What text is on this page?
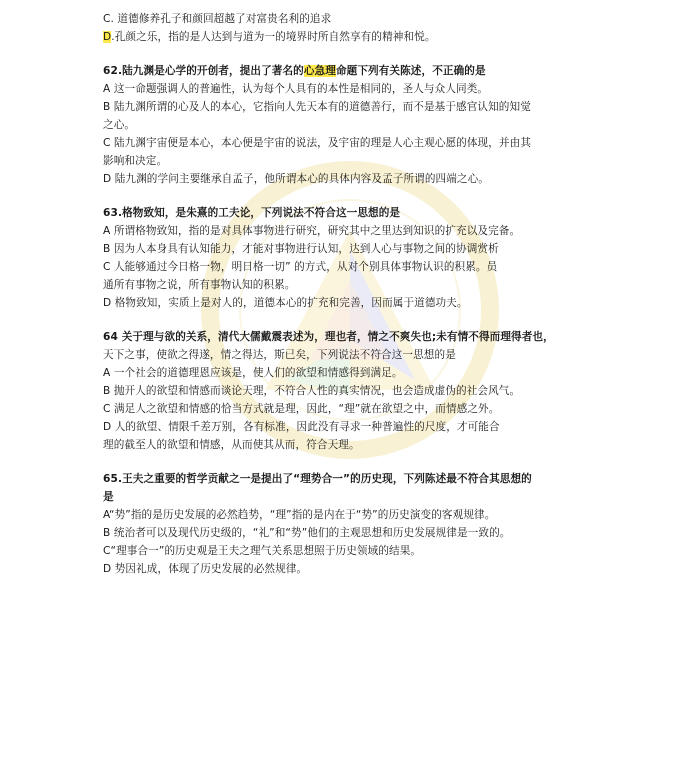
C. 道德修养孔子和颜回超越了对富贵名利的追求
D.孔颜之乐，指的是人达到与道为一的境界时所自然享有的精神和悦。
62.陆九渊是心学的开创者，提出了著名的心急理命题下列有关陈述，不正确的是
A 这一命题强调人的普遍性，认为每个人具有的本性是相同的，圣人与众人同类。
B 陆九渊所谓的心及人的本心，它指向人先天本有的道德善行，而不是基于感官认知的知觉
之心。
C 陆九渊宇宙便是本心，本心便是宇宙的说法，及宇宙的理是人心主观心愿的体现，并由其
影响和决定。
D 陆九渊的学问主要继承自孟子，他所谓本心的具体内容及孟子所谓的四端之心。
63.格物致知，是朱熹的工夫论，下列说法不符合这一思想的是
A 所谓格物致知，指的是对具体事物进行研究，研究其中之里达到知识的扩充以及完备。
B 因为人本身具有认知能力，才能对事物进行认知，达到人心与事物之间的协调赏析
C 人能够通过今日格一物，明日格一切” 的方式，从对个别具体事物认识的积累。员
通所有事物之说，所有事物认知的积累。
D 格物致知，实质上是对人的，道德本心的扩充和完善，因而属于道德功夫。
64 关于理与欲的关系，清代大儒戴震表述为，理也者，情之不爽失也;未有情不得而理得者也，
天下之事，使欲之得遂，情之得达，斯已矣，下列说法不符合这一思想的是
A 一个社会的道德理恩应该是，使人们的欲望和情感得到满足。
B 抛开人的欲望和情感而谈论天理，不符合人性的真实情况，也会造成虚伪的社会风气。
C 满足人之欲望和情感的恰当方式就是理，因此，“理”就在欲望之中，而情感之外。
D 人的欲望、情限千差万别，各有标准，因此没有寻求一种普遍性的尺度，才可能合
理的截至人的欲望和情感，从而使其从而，符合天理。
65.王夫之重要的哲学贡献之一是提出了“理势合一”的历史现，下列陈述最不符合其思想的
是
A“势”指的是历史发展的必然趋势，“理”指的是内在于“势”的历史演变的客观规律。
B 统治者可以及现代历史级的，“礼”和“势”他们的主观思想和历史发展规律是一致的。
C“理事合一”的历史观是王夫之理气关系思想照于历史领域的结果。
D 势因礼成，体现了历史发展的必然规律。
